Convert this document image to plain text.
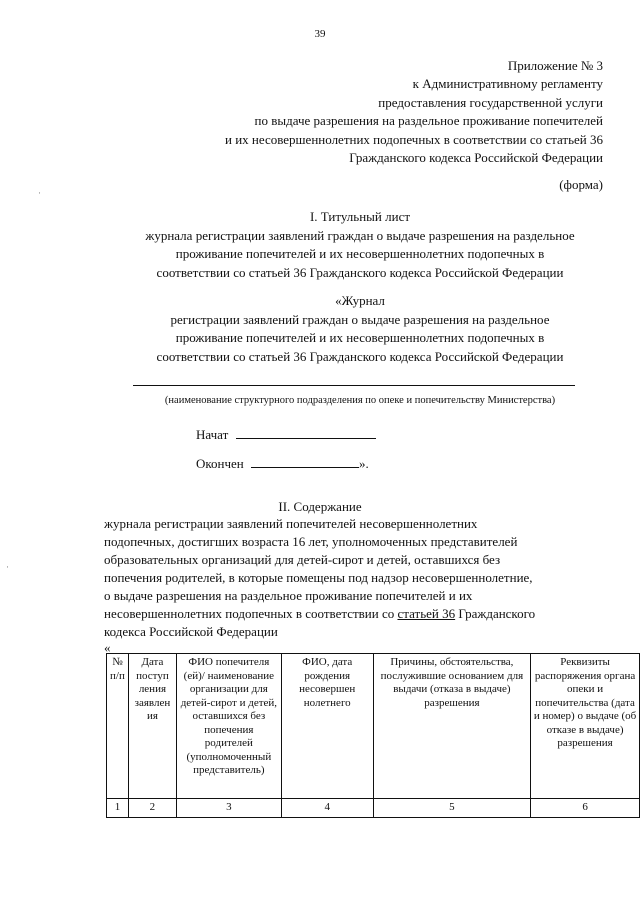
39
Приложение № 3
к Административному регламенту
предоставления государственной услуги
по выдаче разрешения на раздельное проживание попечителей
и их несовершеннолетних подопечных в соответствии со статьей 36
Гражданского кодекса Российской Федерации
(форма)
I. Титульный лист
журнала регистрации заявлений граждан о выдаче разрешения на раздельное
проживание попечителей и их несовершеннолетних подопечных в
соответствии со статьей 36 Гражданского кодекса Российской Федерации
«Журнал
регистрации заявлений граждан о выдаче разрешения на раздельное
проживание попечителей и их несовершеннолетних подопечных в
соответствии со статьей 36 Гражданского кодекса Российской Федерации
(наименование структурного подразделения по опеке и попечительству Министерства)
Начат
Окончен	».
II. Содержание
журнала регистрации заявлений попечителей несовершеннолетних
подопечных, достигших возраста 16 лет, уполномоченных представителей
образовательных организаций для детей-сирот и детей, оставшихся без
попечения родителей, в которые помещены под надзор несовершеннолетние,
о выдаче разрешения на раздельное проживание попечителей и их
несовершеннолетних подопечных в соответствии со статьей 36 Гражданского
кодекса Российской Федерации
«
№ п/п	Дата поступ ления заявлен ия	ФИО попечителя (ей)/ наименование организации для детей-сирот и детей, оставшихся без попечения родителей (уполномоченный представитель)	ФИО, дата рождения несовершен нолетнего	Причины, обстоятельства, послужившие основанием для выдачи (отказа в выдаче) разрешения	Реквизиты распоряжения органа опеки и попечительства (дата и номер) о выдаче (об отказе в выдаче) разрешения
1	2	3	4	5	6
·
·
